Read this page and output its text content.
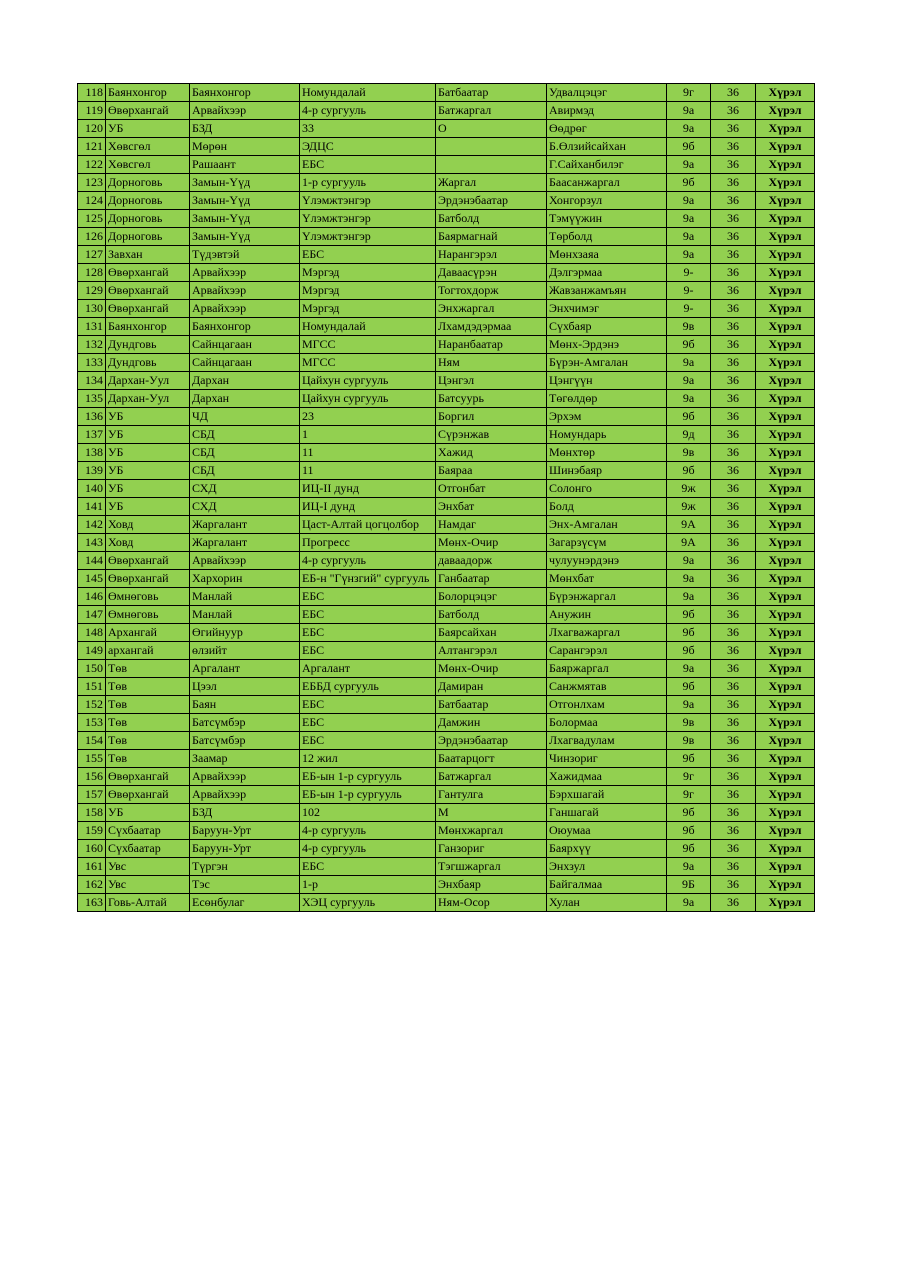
118	Баянхонгор	Баянхонгор	Номундалай	Батбаатар	Удвалцэцэг	9г	36	Хүрэл
119	Өвөрхангай	Арвайхээр	4-р сургууль	Батжаргал	Авирмэд	9а	36	Хүрэл
120	УБ	БЗД	33	О	Өөдрөг	9а	36	Хүрэл
121	Хөвсгөл	Мөрөн	ЭДЦС		Б.Өлзийсайхан	9б	36	Хүрэл
122	Хөвсгөл	Рашаант	ЕБС		Г.Сайханбилэг	9а	36	Хүрэл
123	Дорноговь	Замын-Үүд	1-р сургууль	Жаргал	Баасанжаргал	9б	36	Хүрэл
124	Дорноговь	Замын-Үүд	Үлэмжтэнгэр	Эрдэнэбаатар	Хонгорзул	9а	36	Хүрэл
125	Дорноговь	Замын-Үүд	Үлэмжтэнгэр	Батболд	Тэмүүжин	9а	36	Хүрэл
126	Дорноговь	Замын-Үүд	Үлэмжтэнгэр	Баярмагнай	Төрболд	9а	36	Хүрэл
127	Завхан	Түдэвтэй	ЕБС	Нарангэрэл	Мөнхзаяа	9а	36	Хүрэл
128	Өвөрхангай	Арвайхээр	Мэргэд	Даваасүрэн	Дэлгэрмаа	9-	36	Хүрэл
129	Өвөрхангай	Арвайхээр	Мэргэд	Тогтохдорж	Жавзанжамъян	9-	36	Хүрэл
130	Өвөрхангай	Арвайхээр	Мэргэд	Энхжаргал	Энхчимэг	9-	36	Хүрэл
131	Баянхонгор	Баянхонгор	Номундалай	Лхамдэдэрмаа	Сүхбаяр	9в	36	Хүрэл
132	Дундговь	Сайнцагаан	МГСС	Наранбаатар	Мөнх-Эрдэнэ	9б	36	Хүрэл
133	Дундговь	Сайнцагаан	МГСС	Ням	Бүрэн-Амгалан	9а	36	Хүрэл
134	Дархан-Уул	Дархан	Цайхун сургууль	Цэнгэл	Цэнгүүн	9а	36	Хүрэл
135	Дархан-Уул	Дархан	Цайхун сургууль	Батсуурь	Төгөлдөр	9а	36	Хүрэл
136	УБ	ЧД	23	Боргил	Эрхэм	9б	36	Хүрэл
137	УБ	СБД	1	Сүрэнжав	Номундарь	9д	36	Хүрэл
138	УБ	СБД	11	Хажид	Мөнхтөр	9в	36	Хүрэл
139	УБ	СБД	11	Баяраа	Шинэбаяр	9б	36	Хүрэл
140	УБ	СХД	ИЦ-II дунд	Отгонбат	Солонго	9ж	36	Хүрэл
141	УБ	СХД	ИЦ-I дунд	Энхбат	Болд	9ж	36	Хүрэл
142	Ховд	Жаргалант	Цаст-Алтай цогцолбор	Намдаг	Энх-Амгалан	9А	36	Хүрэл
143	Ховд	Жаргалант	Прогресс	Мөнх-Очир	Загарзүсүм	9А	36	Хүрэл
144	Өвөрхангай	Арвайхээр	4-р сургууль	даваадорж	чулуунэрдэнэ	9а	36	Хүрэл
145	Өвөрхангай	Хархорин	ЕБ-н "Гүнзгий" сургууль	Ганбаатар	Мөнхбат	9а	36	Хүрэл
146	Өмнөговь	Манлай	ЕБС	Болорцэцэг	Бүрэнжаргал	9а	36	Хүрэл
147	Өмнөговь	Манлай	ЕБС	Батболд	Анужин	9б	36	Хүрэл
148	Архангай	Өгийнуур	ЕБС	Баярсайхан	Лхагважаргал	9б	36	Хүрэл
149	архангай	өлзийт	ЕБС	Алтангэрэл	Сарангэрэл	9б	36	Хүрэл
150	Төв	Аргалант	Аргалант	Мөнх-Очир	Баяржаргал	9а	36	Хүрэл
151	Төв	Цээл	ЕББД сургууль	Дамиран	Санжмятав	9б	36	Хүрэл
152	Төв	Баян	ЕБС	Батбаатар	Отгонлхам	9а	36	Хүрэл
153	Төв	Батсүмбэр	ЕБС	Дамжин	Болормаа	9в	36	Хүрэл
154	Төв	Батсүмбэр	ЕБС	Эрдэнэбаатар	Лхагвадулам	9в	36	Хүрэл
155	Төв	Заамар	12 жил	Баатарцогт	Чинзориг	9б	36	Хүрэл
156	Өвөрхангай	Арвайхээр	ЕБ-ын 1-р сургууль	Батжаргал	Хажидмаа	9г	36	Хүрэл
157	Өвөрхангай	Арвайхээр	ЕБ-ын 1-р сургууль	Гантулга	Бэрхшагай	9г	36	Хүрэл
158	УБ	БЗД	102	М	Ганшагай	9б	36	Хүрэл
159	Сүхбаатар	Баруун-Урт	4-р сургууль	Мөнхжаргал	Оюумаа	9б	36	Хүрэл
160	Сүхбаатар	Баруун-Урт	4-р сургууль	Ганзориг	Баярхүү	9б	36	Хүрэл
161	Увс	Түргэн	ЕБС	Тэгшжаргал	Энхзул	9а	36	Хүрэл
162	Увс	Тэс	1-р	Энхбаяр	Байгалмаа	9Б	36	Хүрэл
163	Говь-Алтай	Есөнбулаг	ХЭЦ сургууль	Ням-Осор	Хулан	9а	36	Хүрэл
